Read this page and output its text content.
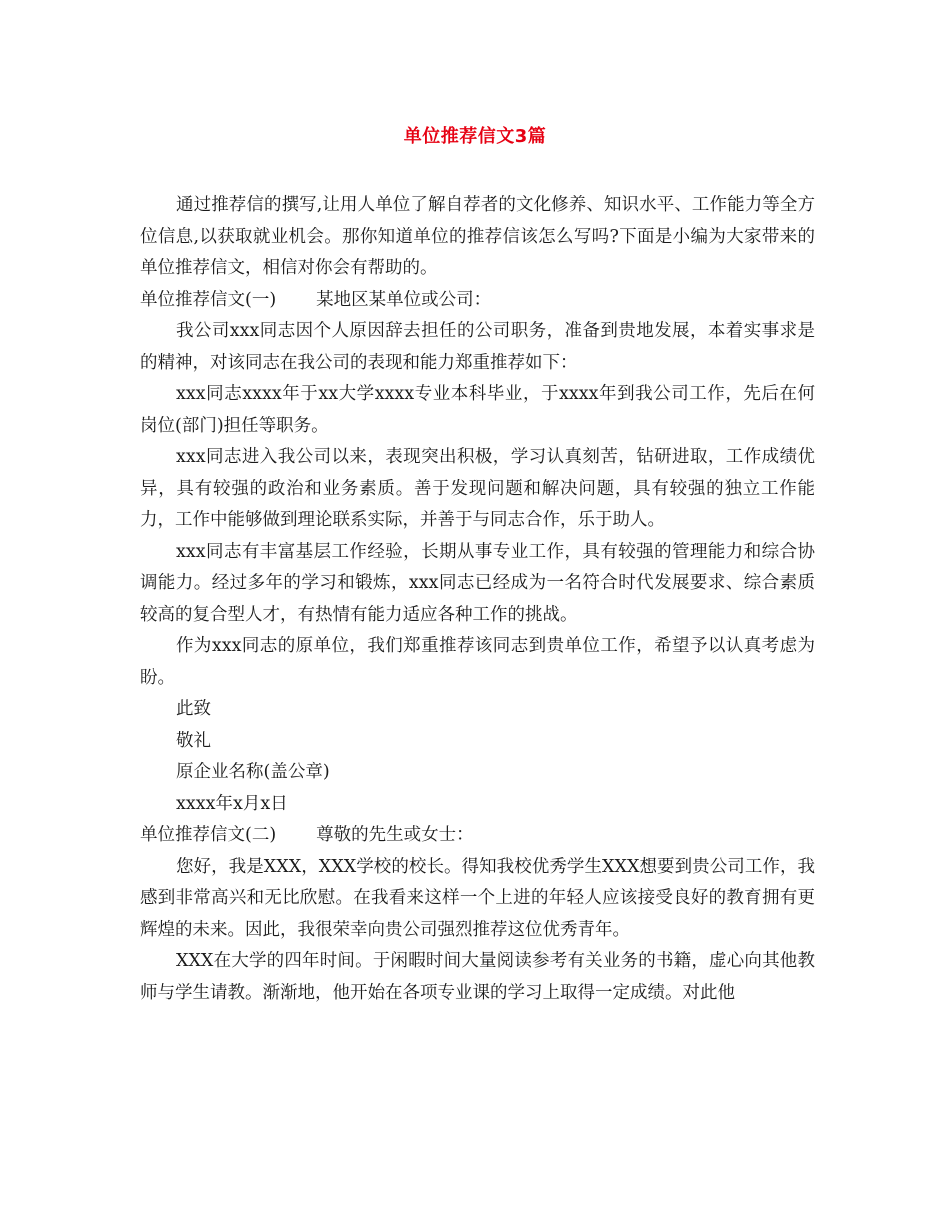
单位推荐信文3篇

通过推荐信的撰写,让用人单位了解自荐者的文化修养、知识水平、工作能力等全方位信息,以获取就业机会。那你知道单位的推荐信该怎么写吗?下面是小编为大家带来的单位推荐信文，相信对你会有帮助的。

单位推荐信文(一) 某地区某单位或公司：

我公司xxx同志因个人原因辞去担任的公司职务，准备到贵地发展，本着实事求是的精神，对该同志在我公司的表现和能力郑重推荐如下：

xxx同志xxxx年于xx大学xxxx专业本科毕业，于xxxx年到我公司工作，先后在何岗位(部门)担任等职务。

xxx同志进入我公司以来，表现突出积极，学习认真刻苦，钻研进取，工作成绩优异，具有较强的政治和业务素质。善于发现问题和解决问题，具有较强的独立工作能力，工作中能够做到理论联系实际，并善于与同志合作，乐于助人。

xxx同志有丰富基层工作经验，长期从事专业工作，具有较强的管理能力和综合协调能力。经过多年的学习和锻炼，xxx同志已经成为一名符合时代发展要求、综合素质较高的复合型人才，有热情有能力适应各种工作的挑战。

作为xxx同志的原单位，我们郑重推荐该同志到贵单位工作，希望予以认真考虑为盼。

此致

敬礼

原企业名称(盖公章)

xxxx年x月x日

单位推荐信文(二) 尊敬的先生或女士：

您好，我是XXX，XXX学校的校长。得知我校优秀学生XXX想要到贵公司工作，我感到非常高兴和无比欣慰。在我看来这样一个上进的年轻人应该接受良好的教育拥有更辉煌的未来。因此，我很荣幸向贵公司强烈推荐这位优秀青年。

XXX在大学的四年时间。于闲暇时间大量阅读参考有关业务的书籍，虚心向其他教师与学生请教。渐渐地，他开始在各项专业课的学习上取得一定成绩。对此他
